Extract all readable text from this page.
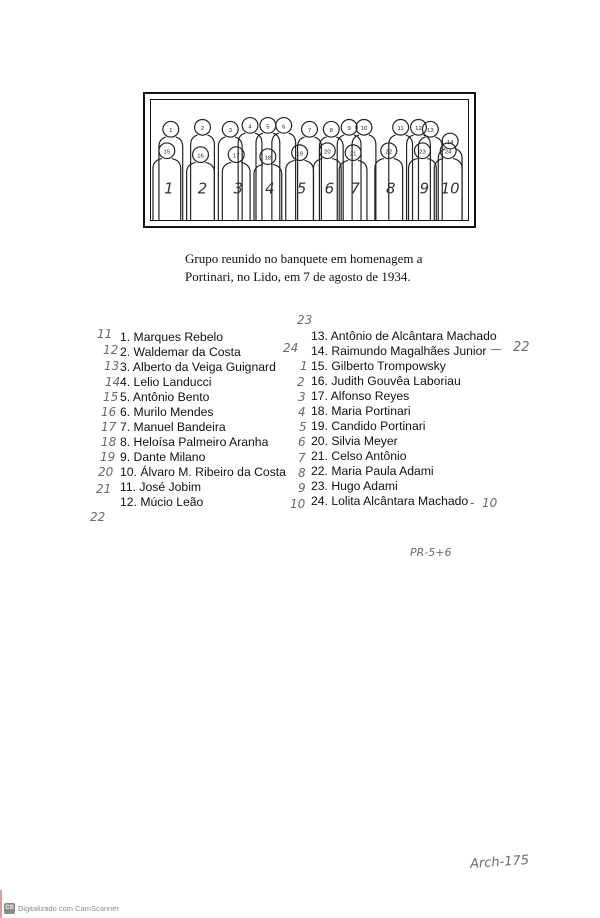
1	2	3
4 5 6
7	8 9 10	11 12 13
14
15
1
16
2
17
3
18
4
19
5
20
6
21
7
22
8
23
9
24
10
Grupo reunido no banquete em homenagem a
Portinari, no Lido, em 7 de agosto de 1934.
1. Marques Rebelo
2. Waldemar da Costa
3. Alberto da Veiga Guignard
4. Lelio Landucci
5. Antônio Bento
6. Murilo Mendes
7. Manuel Bandeira
8. Heloísa Palmeiro Aranha
9. Dante Milano
10. Álvaro M. Ribeiro da Costa
11. José Jobim
12. Múcio Leão
13. Antônio de Alcântara Machado
14. Raimundo Magalhães Junior
15. Gilberto Trompowsky
16. Judith Gouvêa Laboriau
17. Alfonso Reyes
18. Maria Portinari
19. Candido Portinari
20. Silvia Meyer
21. Celso Antônio
22. Maria Paula Adami
23. Hugo Adami
24. Lolita Alcântara Machado
11
12
13
14
15
16
17
18
19
20
21
22
23
24
1
2
3
4
5
6
7
8
9
10
— 22
- 10
PR-5+6
Arch-175
CS Digitalizado com CamScanner
